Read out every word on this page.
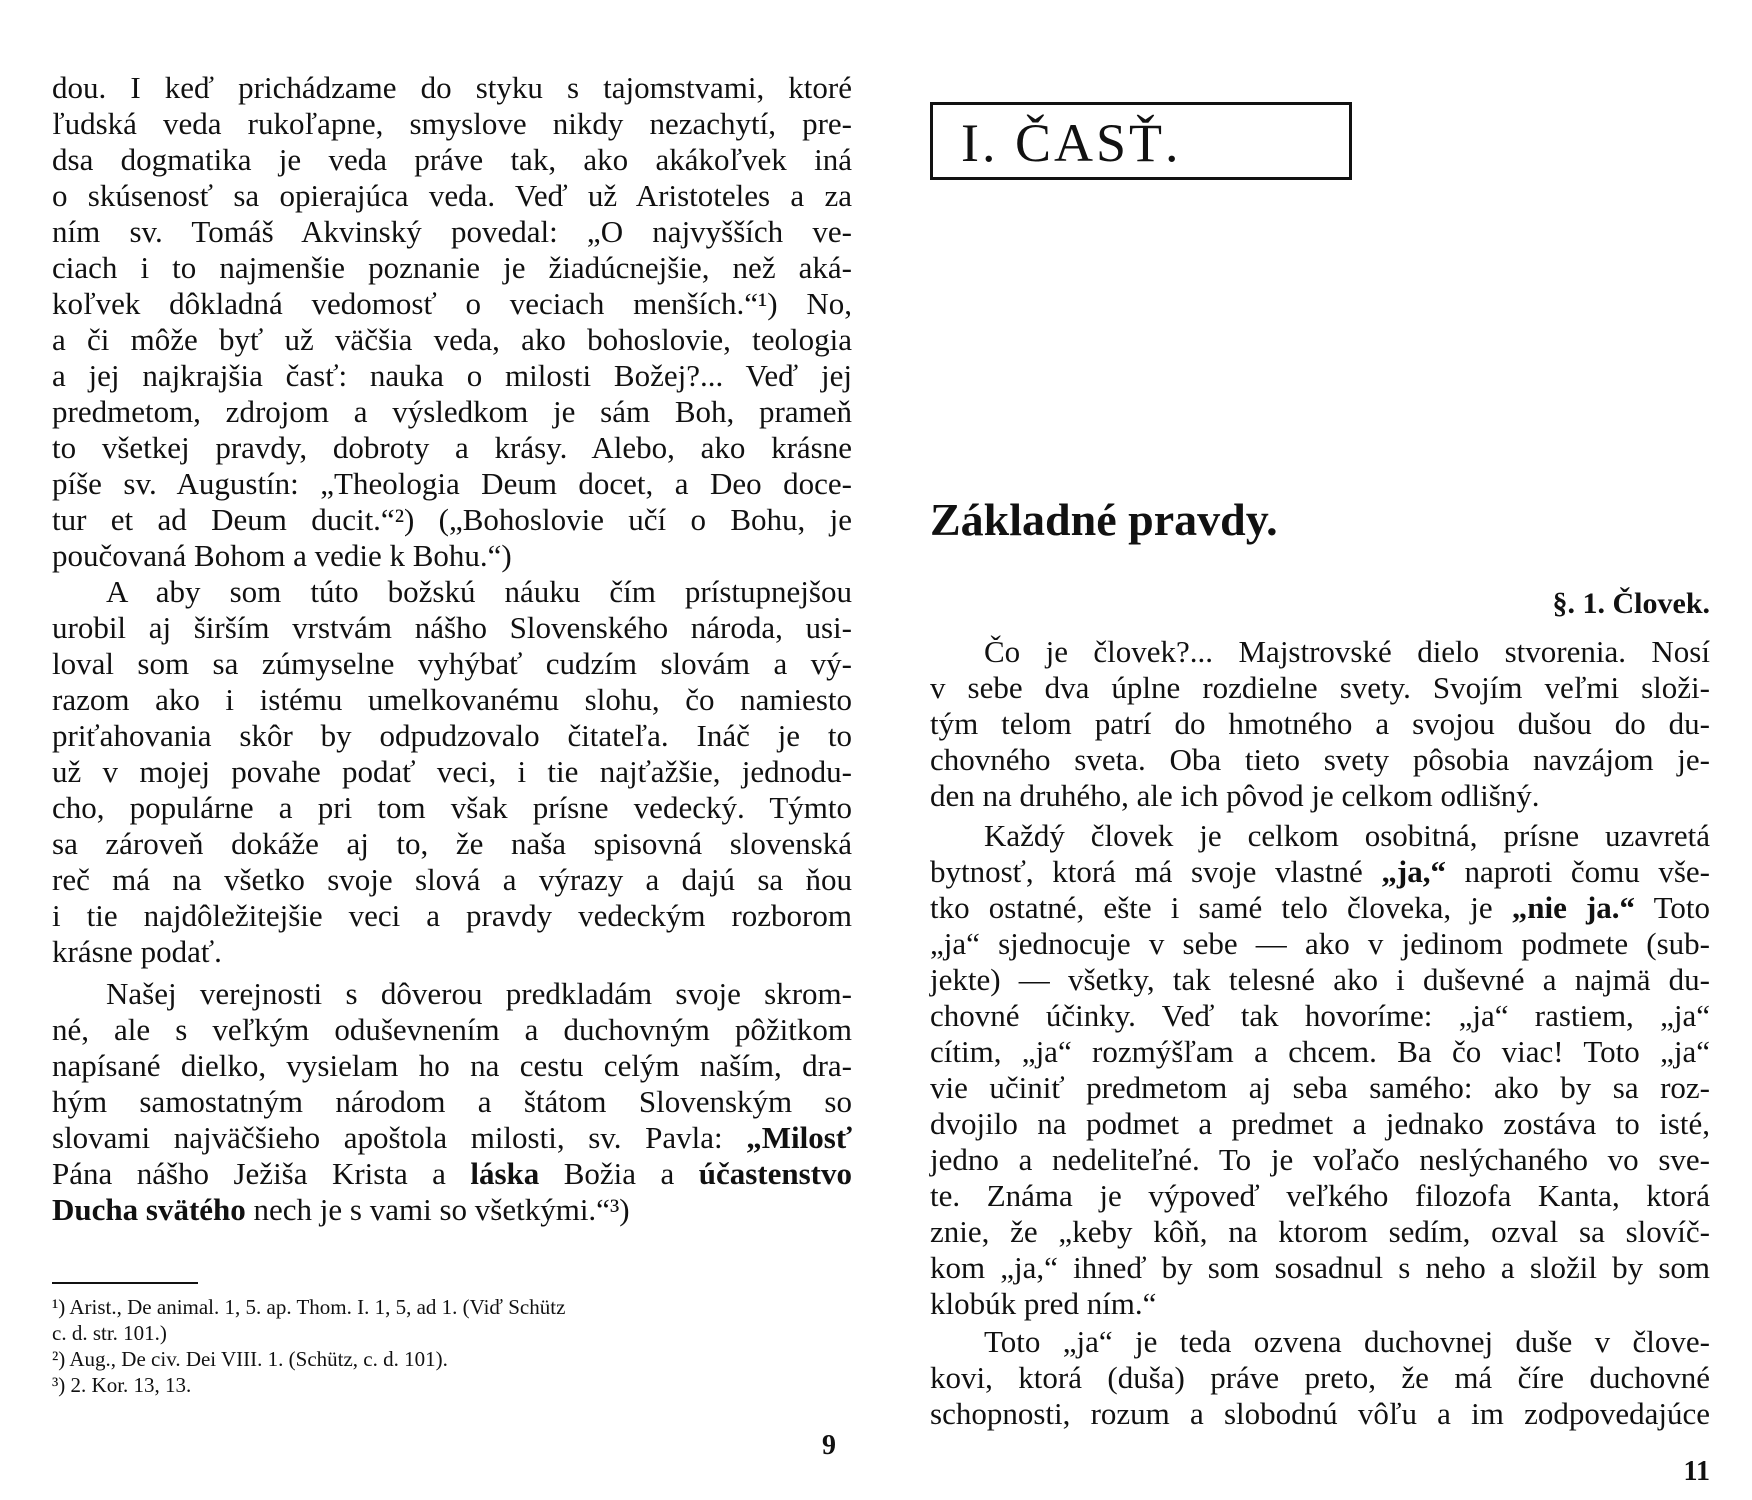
dou. I keď prichádzame do styku s tajomstvami, ktoré
ľudská veda rukoľapne, smyslove nikdy nezachytí, pre-
dsa dogmatika je veda práve tak, ako akákoľvek iná
o skúsenosť sa opierajúca veda. Veď už Aristoteles a za
ním sv. Tomáš Akvinský povedal: „O najvyšších ve-
ciach i to najmenšie poznanie je žiadúcnejšie, než aká-
koľvek dôkladná vedomosť o veciach menších.“¹) No,
a či môže byť už väčšia veda, ako bohoslovie, teologia
a jej najkrajšia časť: nauka o milosti Božej?... Veď jej
predmetom, zdrojom a výsledkom je sám Boh, prameň
to všetkej pravdy, dobroty a krásy. Alebo, ako krásne
píše sv. Augustín: „Theologia Deum docet, a Deo doce-
tur et ad Deum ducit.“²) („Bohoslovie učí o Bohu, je
poučovaná Bohom a vedie k Bohu.“)
A aby som túto božskú náuku čím prístupnejšou
urobil aj širším vrstvám nášho Slovenského národa, usi-
loval som sa zúmyselne vyhýbať cudzím slovám a vý-
razom ako i istému umelkovanému slohu, čo namiesto
priťahovania skôr by odpudzovalo čitateľa. Ináč je to
už v mojej povahe podať veci, i tie najťažšie, jednodu-
cho, populárne a pri tom však prísne vedecký. Týmto
sa zároveň dokáže aj to, že naša spisovná slovenská
reč má na všetko svoje slová a výrazy a dajú sa ňou
i tie najdôležitejšie veci a pravdy vedeckým rozborom
krásne podať.
Našej verejnosti s dôverou predkladám svoje skrom-
né, ale s veľkým oduševnením a duchovným pôžitkom
napísané dielko, vysielam ho na cestu celým naším, dra-
hým samostatným národom a štátom Slovenským so
slovami najväčšieho apoštola milosti, sv. Pavla: „Milosť
Pána nášho Ježiša Krista a láska Božia a účastenstvo
Ducha svätého nech je s vami so všetkými.“³)
¹) Arist., De animal. 1, 5. ap. Thom. I. 1, 5, ad 1. (Viď Schütz
c. d. str. 101.)
²) Aug., De civ. Dei VIII. 1. (Schütz, c. d. 101).
³) 2. Kor. 13, 13.
9
I. ČASŤ.
Základné pravdy.
§. 1. Človek.
Čo je človek?... Majstrovské dielo stvorenia. Nosí
v sebe dva úplne rozdielne svety. Svojím veľmi složi-
tým telom patrí do hmotného a svojou dušou do du-
chovného sveta. Oba tieto svety pôsobia navzájom je-
den na druhého, ale ich pôvod je celkom odlišný.
Každý človek je celkom osobitná, prísne uzavretá
bytnosť, ktorá má svoje vlastné „ja,“ naproti čomu vše-
tko ostatné, ešte i samé telo človeka, je „nie ja.“ Toto
„ja“ sjednocuje v sebe — ako v jedinom podmete (sub-
jekte) — všetky, tak telesné ako i duševné a najmä du-
chovné účinky. Veď tak hovoríme: „ja“ rastiem, „ja“
cítim, „ja“ rozmýšľam a chcem. Ba čo viac! Toto „ja“
vie učiniť predmetom aj seba samého: ako by sa roz-
dvojilo na podmet a predmet a jednako zostáva to isté,
jedno a nedeliteľné. To je voľačo neslýchaného vo sve-
te. Známa je výpoveď veľkého filozofa Kanta, ktorá
znie, že „keby kôň, na ktorom sedím, ozval sa slovíč-
kom „ja,“ ihneď by som sosadnul s neho a složil by som
klobúk pred ním.“
Toto „ja“ je teda ozvena duchovnej duše v člove-
kovi, ktorá (duša) práve preto, že má číre duchovné
schopnosti, rozum a slobodnú vôľu a im zodpovedajúce
11
